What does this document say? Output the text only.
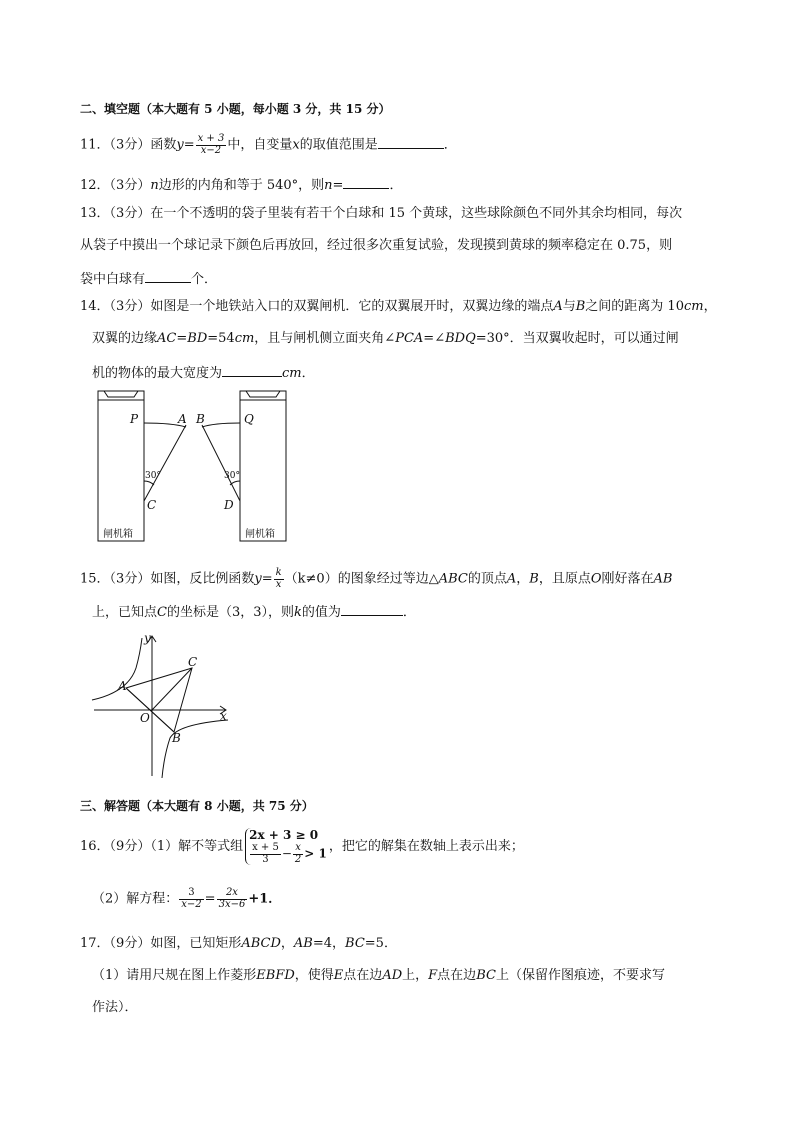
二、填空题（本大题有 5 小题，每小题 3 分，共 15 分）
11．（3分）函数$y= \frac{x + 3}{x-2}$ 中，自变量x的取值范围是	．
12．（3分）n边形的内角和等于 540°，则n=	．
13．（3分）在一个不透明的袋子里装有若干个白球和 15 个黄球，这些球除颜色不同外其余均相同，每次
从袋子中摸出一个球记录下颜色后再放回，经过很多次重复试验，发现摸到黄球的频率稳定在 0.75，则
袋中白球有	个．
14．（3分）如图是一个地铁站入口的双翼闸机．它的双翼展开时，双翼边缘的端点A与B之间的距离为 10cm，
双翼的边缘AC=BD=54cm，且与闸机侧立面夹角∠PCA=∠BDQ=30°．当双翼收起时，可以通过闸
机的物体的最大宽度为	cm．
P	A B	Q
C	D
30°	30°
闸机箱	闸机箱
15．（3分）如图，反比例函数$y= \frac{k}{x} (k\ne 0)$的图象经过等边△ABC的顶点A，B，且原点O刚好落在AB
上，已知点C的坐标是（3，3），则k的值为	．
y
x
A
C
O
B
三、解答题（本大题有 8 小题，共 75 分）
16．（9分）（1）解不等式组
2x + 3 ≥ 0
$\frac{x + 5}{3} - \frac{x}{2} > 1$ ，把它的解集在数轴上表示出来；
（2）解方程： $\frac{3}{x-2} = \frac{2x}{3x-6} +1$．
17．（9分）如图，已知矩形ABCD，AB=4，BC=5．
（1）请用尺规在图上作菱形EBFD，使得E点在边AD上，F点在边BC上（保留作图痕迹，不要求写
作法）．
